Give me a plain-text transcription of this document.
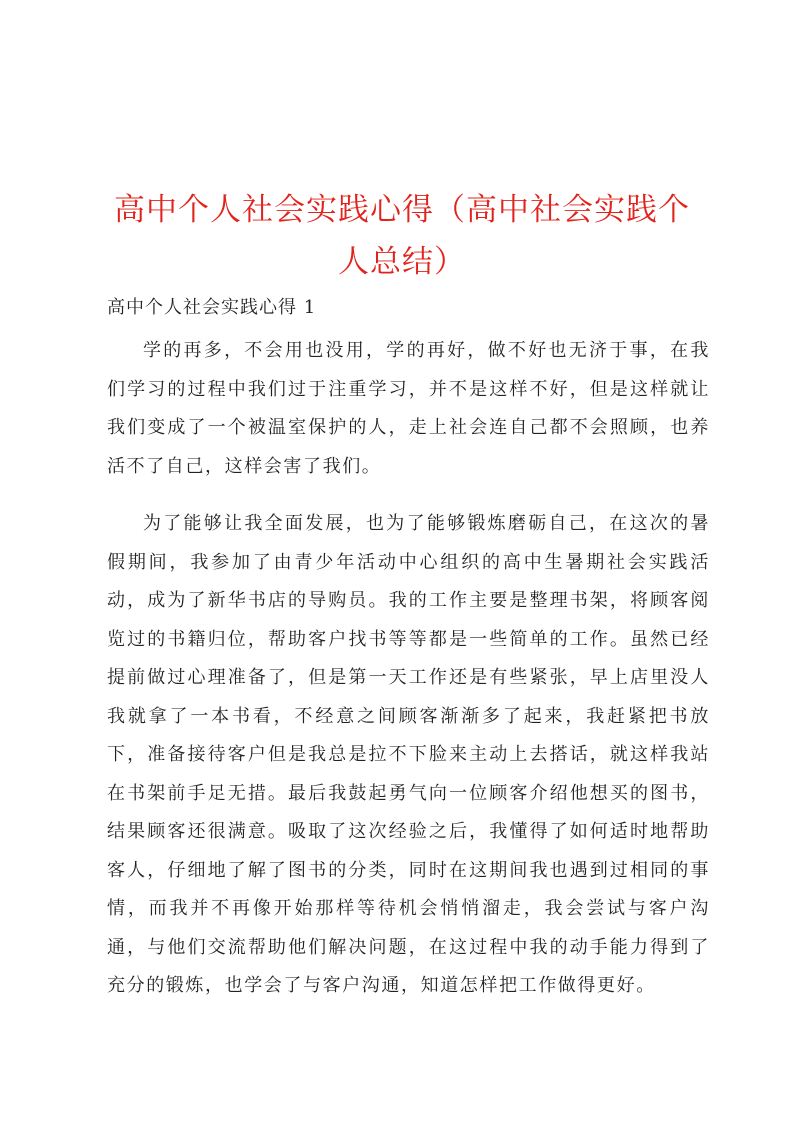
高中个人社会实践心得（高中社会实践个人总结）
高中个人社会实践心得 1

学的再多，不会用也没用，学的再好，做不好也无济于事，在我们学习的过程中我们过于注重学习，并不是这样不好，但是这样就让我们变成了一个被温室保护的人，走上社会连自己都不会照顾，也养活不了自己，这样会害了我们。

为了能够让我全面发展，也为了能够锻炼磨砺自己，在这次的暑假期间，我参加了由青少年活动中心组织的高中生暑期社会实践活动，成为了新华书店的导购员。我的工作主要是整理书架，将顾客阅览过的书籍归位，帮助客户找书等等都是一些简单的工作。虽然已经提前做过心理准备了，但是第一天工作还是有些紧张，早上店里没人我就拿了一本书看，不经意之间顾客渐渐多了起来，我赶紧把书放下，准备接待客户但是我总是拉不下脸来主动上去搭话，就这样我站在书架前手足无措。最后我鼓起勇气向一位顾客介绍他想买的图书，结果顾客还很满意。吸取了这次经验之后，我懂得了如何适时地帮助客人，仔细地了解了图书的分类，同时在这期间我也遇到过相同的事情，而我并不再像开始那样等待机会悄悄溜走，我会尝试与客户沟通，与他们交流帮助他们解决问题，在这过程中我的动手能力得到了充分的锻炼，也学会了与客户沟通，知道怎样把工作做得更好。
